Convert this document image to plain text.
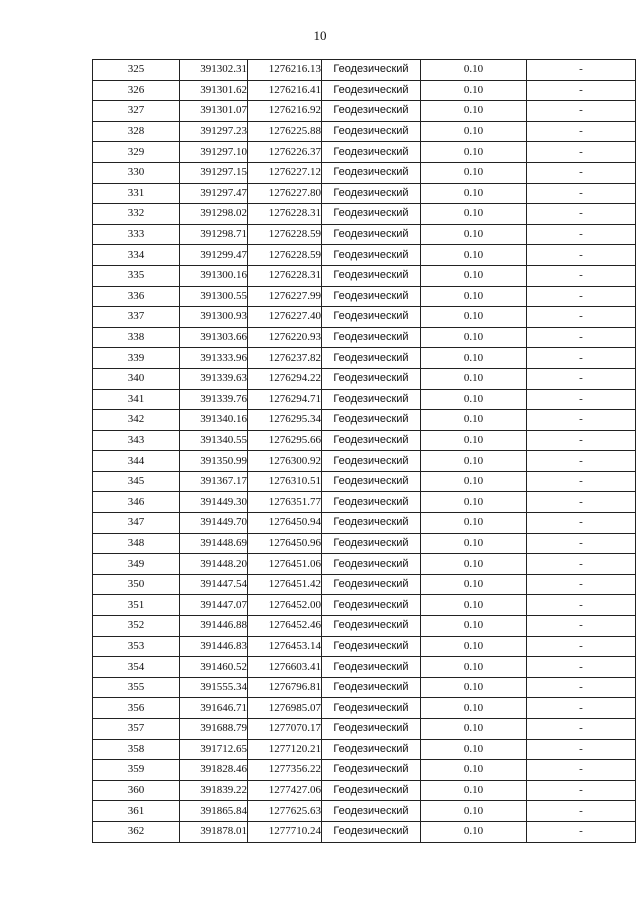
10
325	391302.31	1276216.13	Геодезический	0.10	-
326	391301.62	1276216.41	Геодезический	0.10	-
327	391301.07	1276216.92	Геодезический	0.10	-
328	391297.23	1276225.88	Геодезический	0.10	-
329	391297.10	1276226.37	Геодезический	0.10	-
330	391297.15	1276227.12	Геодезический	0.10	-
331	391297.47	1276227.80	Геодезический	0.10	-
332	391298.02	1276228.31	Геодезический	0.10	-
333	391298.71	1276228.59	Геодезический	0.10	-
334	391299.47	1276228.59	Геодезический	0.10	-
335	391300.16	1276228.31	Геодезический	0.10	-
336	391300.55	1276227.99	Геодезический	0.10	-
337	391300.93	1276227.40	Геодезический	0.10	-
338	391303.66	1276220.93	Геодезический	0.10	-
339	391333.96	1276237.82	Геодезический	0.10	-
340	391339.63	1276294.22	Геодезический	0.10	-
341	391339.76	1276294.71	Геодезический	0.10	-
342	391340.16	1276295.34	Геодезический	0.10	-
343	391340.55	1276295.66	Геодезический	0.10	-
344	391350.99	1276300.92	Геодезический	0.10	-
345	391367.17	1276310.51	Геодезический	0.10	-
346	391449.30	1276351.77	Геодезический	0.10	-
347	391449.70	1276450.94	Геодезический	0.10	-
348	391448.69	1276450.96	Геодезический	0.10	-
349	391448.20	1276451.06	Геодезический	0.10	-
350	391447.54	1276451.42	Геодезический	0.10	-
351	391447.07	1276452.00	Геодезический	0.10	-
352	391446.88	1276452.46	Геодезический	0.10	-
353	391446.83	1276453.14	Геодезический	0.10	-
354	391460.52	1276603.41	Геодезический	0.10	-
355	391555.34	1276796.81	Геодезический	0.10	-
356	391646.71	1276985.07	Геодезический	0.10	-
357	391688.79	1277070.17	Геодезический	0.10	-
358	391712.65	1277120.21	Геодезический	0.10	-
359	391828.46	1277356.22	Геодезический	0.10	-
360	391839.22	1277427.06	Геодезический	0.10	-
361	391865.84	1277625.63	Геодезический	0.10	-
362	391878.01	1277710.24	Геодезический	0.10	-
